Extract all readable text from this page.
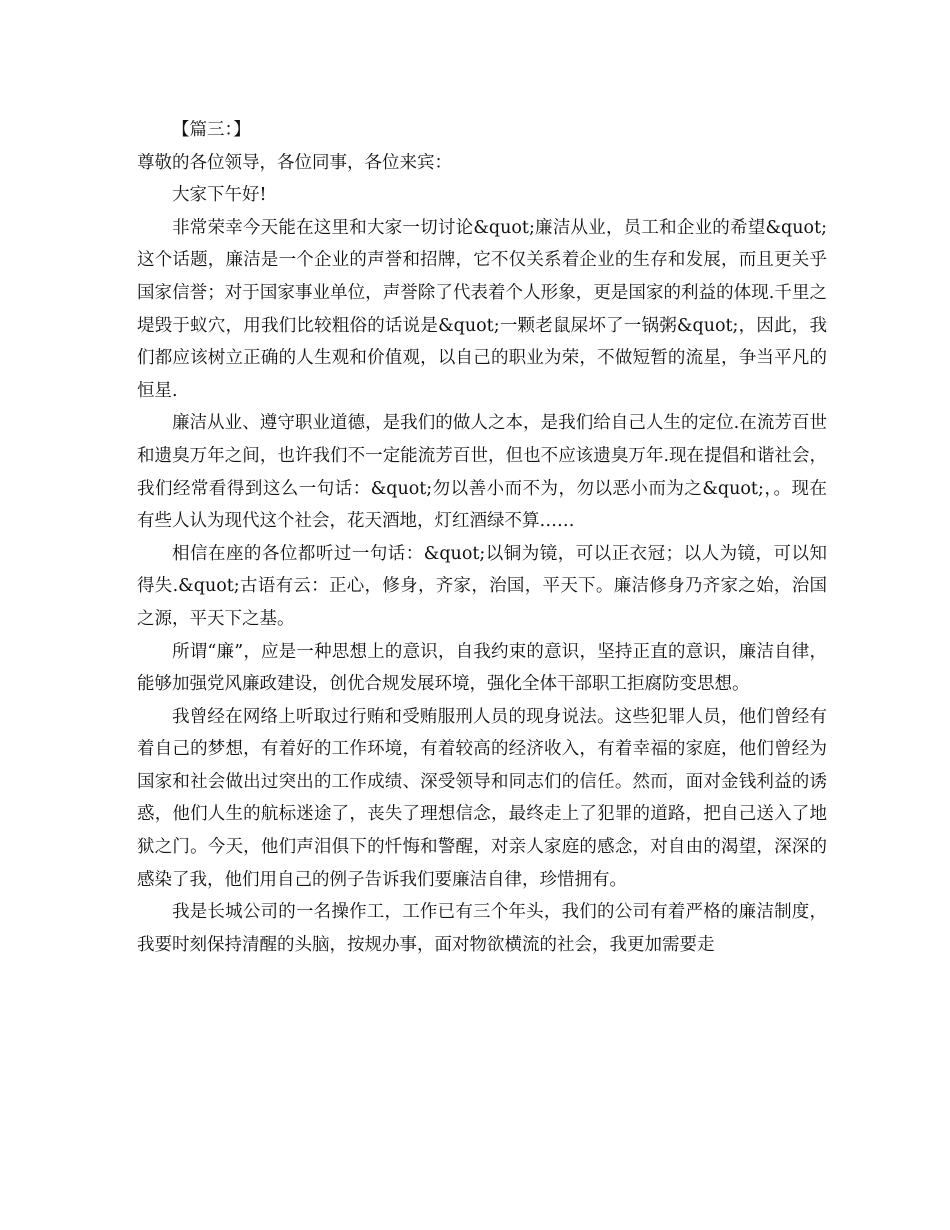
【篇三：】

尊敬的各位领导，各位同事，各位来宾：

大家下午好!

非常荣幸今天能在这里和大家一切讨论&quot;廉洁从业，员工和企业的希望&quot;这个话题，廉洁是一个企业的声誉和招牌，它不仅关系着企业的生存和发展，而且更关乎国家信誉；对于国家事业单位，声誉除了代表着个人形象，更是国家的利益的体现.千里之堤毁于蚁穴，用我们比较粗俗的话说是&quot;一颗老鼠屎坏了一锅粥&quot;，因此，我们都应该树立正确的人生观和价值观，以自己的职业为荣，不做短暂的流星，争当平凡的恒星.

廉洁从业、遵守职业道德，是我们的做人之本，是我们给自己人生的定位.在流芳百世和遗臭万年之间，也许我们不一定能流芳百世，但也不应该遗臭万年.现在提倡和谐社会，我们经常看得到这么一句话：&quot;勿以善小而不为，勿以恶小而为之&quot;，。现在有些人认为现代这个社会，花天酒地，灯红酒绿不算……

相信在座的各位都听过一句话：&quot;以铜为镜，可以正衣冠；以人为镜，可以知得失.&quot;古语有云：正心，修身，齐家，治国，平天下。廉洁修身乃齐家之始，治国之源，平天下之基。

所谓“廉”，应是一种思想上的意识，自我约束的意识，坚持正直的意识，廉洁自律，能够加强党风廉政建设，创优合规发展环境，强化全体干部职工拒腐防变思想。

我曾经在网络上听取过行贿和受贿服刑人员的现身说法。这些犯罪人员，他们曾经有着自己的梦想，有着好的工作环境，有着较高的经济收入，有着幸福的家庭，他们曾经为国家和社会做出过突出的工作成绩、深受领导和同志们的信任。然而，面对金钱利益的诱惑，他们人生的航标迷途了，丧失了理想信念，最终走上了犯罪的道路，把自己送入了地狱之门。今天，他们声泪俱下的忏悔和警醒，对亲人家庭的感念，对自由的渴望，深深的感染了我，他们用自己的例子告诉我们要廉洁自律，珍惜拥有。

我是长城公司的一名操作工，工作已有三个年头，我们的公司有着严格的廉洁制度，我要时刻保持清醒的头脑，按规办事，面对物欲横流的社会，我更加需要走
